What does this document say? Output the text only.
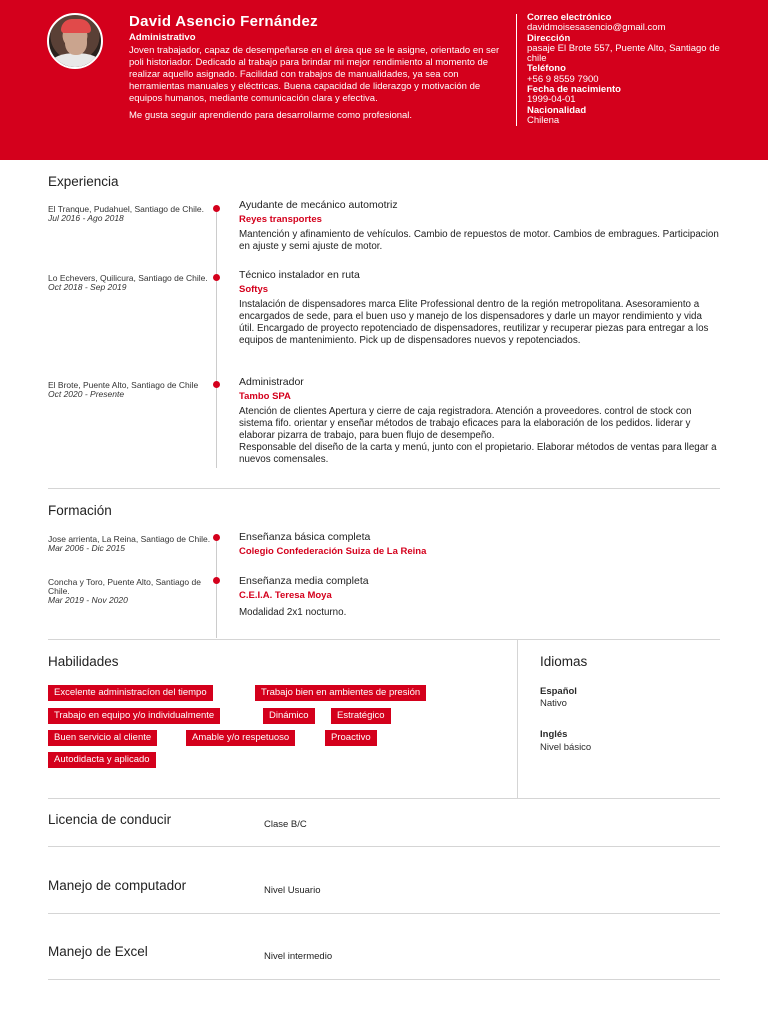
David Asencio Fernández
Administrativo

Joven trabajador, capaz de desempeñarse en el área que se le asigne, orientado en ser poli historiador. Dedicado al trabajo para brindar mi mejor rendimiento al momento de realizar aquello asignado. Facilidad con trabajos de manualidades, ya sea con herramientas manuales y eléctricas. Buena capacidad de liderazgo y motivación de equipos humanos, mediante comunicación clara y efectiva.

Me gusta seguir aprendiendo para desarrollarme como profesional.

Correo electrónico
davidmoisesasencio@gmail.com
Dirección
pasaje El Brote 557, Puente Alto, Santiago de chile
Teléfono
+56 9 8559 7900
Fecha de nacimiento
1999-04-01
Nacionalidad
Chilena
Experiencia
El Tranque, Pudahuel, Santiago de Chile.
Jul 2016 - Ago 2018
Ayudante de mecánico automotriz
Reyes transportes
Mantención y afinamiento de vehículos. Cambio de repuestos de motor. Cambios de embragues. Participacion en ajuste y semi ajuste de motor.
Lo Echevers, Quilicura, Santiago de Chile.
Oct 2018 - Sep 2019
Técnico instalador en ruta
Softys
Instalación de dispensadores marca Elite Professional dentro de la región metropolitana. Asesoramiento a encargados de sede, para el buen uso y manejo de los dispensadores y darle un mayor rendimiento y vida útil. Encargado de proyecto repotenciado de dispensadores, reutilizar y recuperar piezas para entregar a los equipos de mantenimiento. Pick up de dispensadores nuevos y repotenciados.
El Brote, Puente Alto, Santiago de Chile
Oct 2020 - Presente
Administrador
Tambo SPA
Atención de clientes Apertura y cierre de caja registradora. Atención a proveedores. control de stock con sistema fifo. orientar y enseñar métodos de trabajo eficaces para la elaboración de los pedidos. liderar y elaborar pizarra de trabajo, para buen flujo de desempeño.
Responsable del diseño de la carta y menú, junto con el propietario. Elaborar métodos de ventas para llegar a nuevos comensales.
Formación
Jose arrienta, La Reina, Santiago de Chile.
Mar 2006 - Dic 2015
Enseñanza básica completa
Colegio Confederación Suiza de La Reina
Concha y Toro, Puente Alto, Santiago de Chile.
Mar 2019 - Nov 2020
Enseñanza media completa
C.E.I.A. Teresa Moya
Modalidad 2x1 nocturno.
Habilidades
Excelente administracíon del tiempo	Trabajo bien en ambientes de presión
Trabajo en equipo y/o individualmente	Dinámico	Estratégico
Buen servicio al cliente	Amable y/o respetuoso	Proactivo
Autodidacta y aplicado
Idiomas
Español
Nativo
Inglés
Nivel básico
Licencia de conducir	Clase B/C
Manejo de computador	Nivel Usuario
Manejo de Excel	Nivel intermedio
